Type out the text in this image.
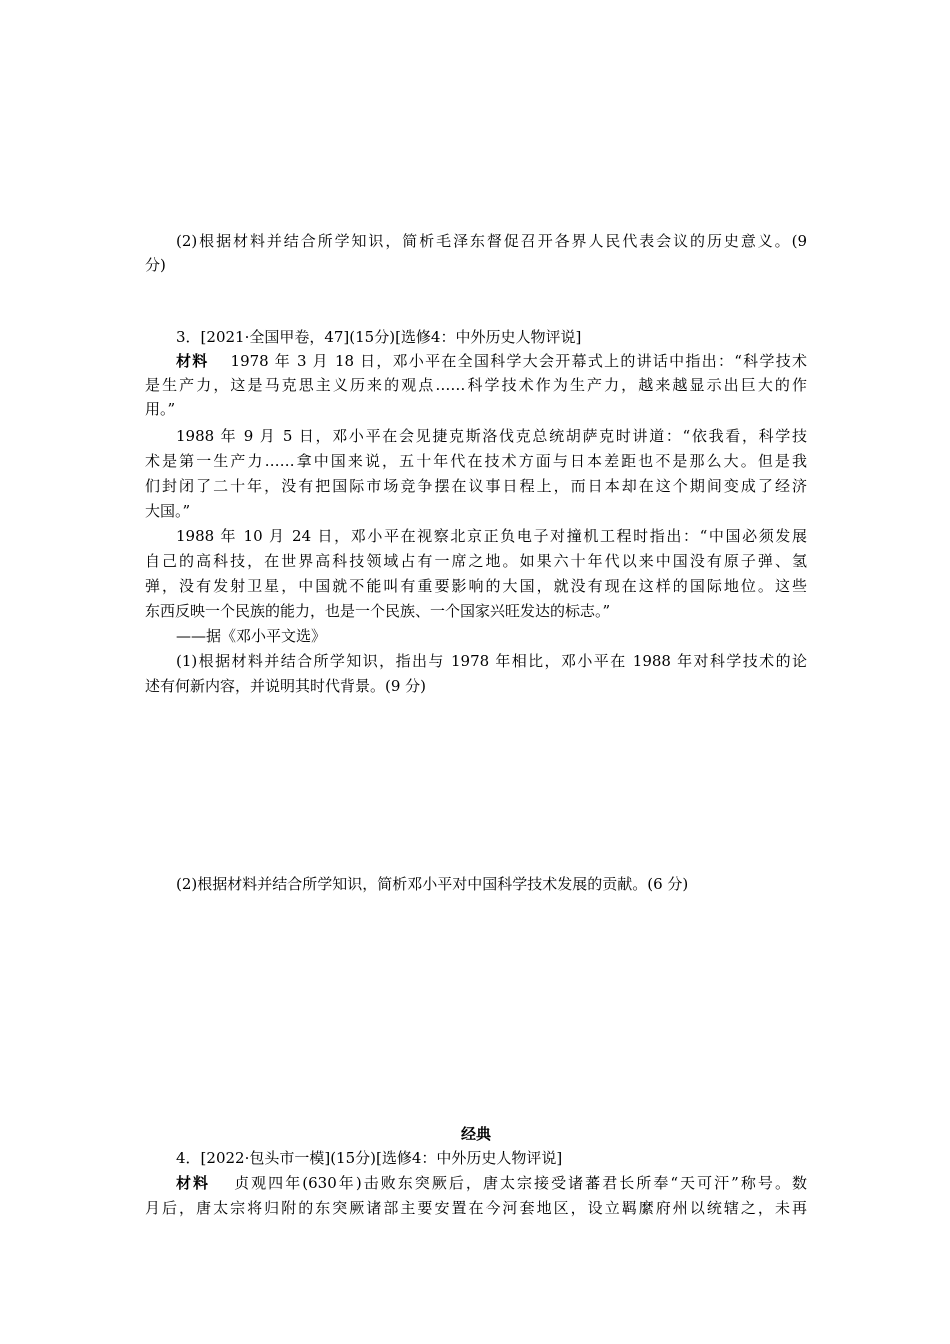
(2)根据材料并结合所学知识，简析毛泽东督促召开各界人民代表会议的历史意义。(9
分)
3．[2021·全国甲卷，47](15分)[选修4：中外历史人物评说]
材料 1978 年 3 月 18 日，邓小平在全国科学大会开幕式上的讲话中指出：“科学技术
是生产力，这是马克思主义历来的观点……科学技术作为生产力，越来越显示出巨大的作
用。”
1988 年 9 月 5 日，邓小平在会见捷克斯洛伐克总统胡萨克时讲道：“依我看，科学技
术是第一生产力……拿中国来说，五十年代在技术方面与日本差距也不是那么大。但是我
们封闭了二十年，没有把国际市场竞争摆在议事日程上，而日本却在这个期间变成了经济
大国。”
1988 年 10 月 24 日，邓小平在视察北京正负电子对撞机工程时指出：“中国必须发展
自己的高科技，在世界高科技领域占有一席之地。如果六十年代以来中国没有原子弹、氢
弹，没有发射卫星，中国就不能叫有重要影响的大国，就没有现在这样的国际地位。这些
东西反映一个民族的能力，也是一个民族、一个国家兴旺发达的标志。”
——据《邓小平文选》
(1)根据材料并结合所学知识，指出与 1978 年相比，邓小平在 1988 年对科学技术的论
述有何新内容，并说明其时代背景。(9 分)
(2)根据材料并结合所学知识，简析邓小平对中国科学技术发展的贡献。(6 分)
经典
4．[2022·包头市一模](15分)[选修4：中外历史人物评说]
材料 贞观四年(630年)击败东突厥后，唐太宗接受诸蕃君长所奉“天可汗”称号。数
月后，唐太宗将归附的东突厥诸部主要安置在今河套地区，设立羁縻府州以统辖之，未再
